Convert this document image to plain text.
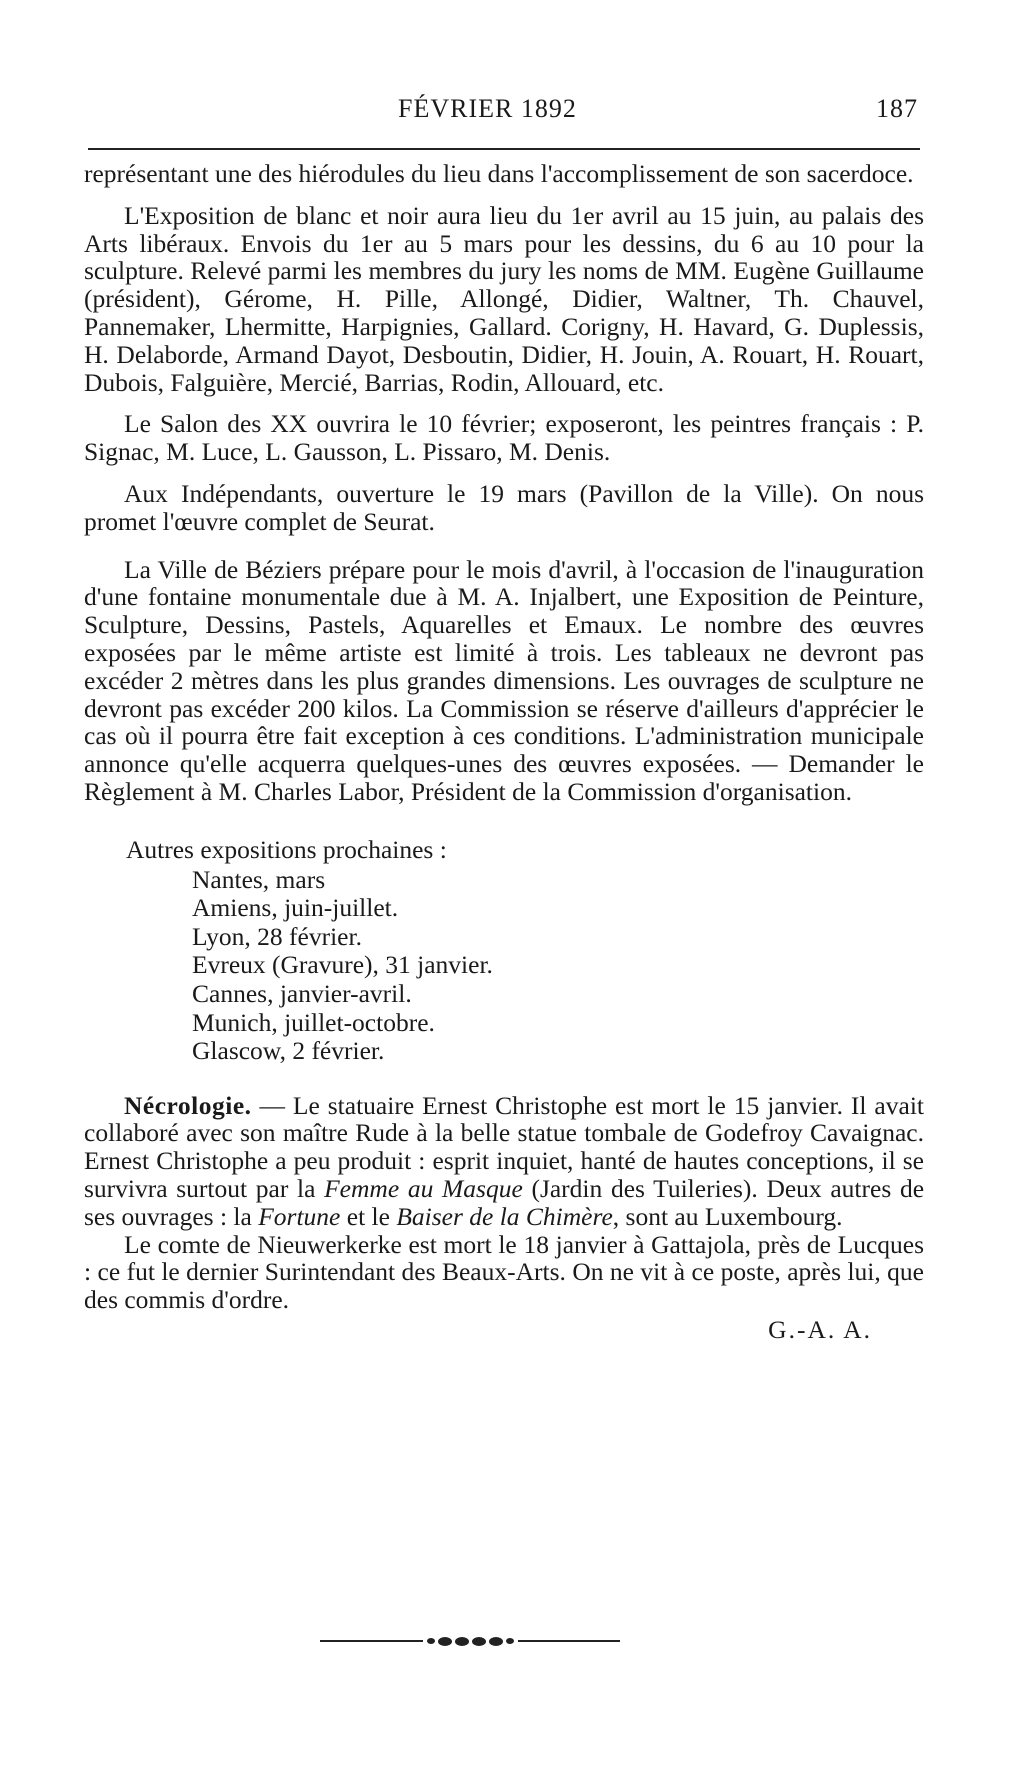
FÉVRIER 1892	187

représentant une des hiérodules du lieu dans l'accomplissement de son sacerdoce.

L'Exposition de blanc et noir aura lieu du 1er avril au 15 juin, au palais des Arts libéraux. Envois du 1er au 5 mars pour les dessins, du 6 au 10 pour la sculpture. Relevé parmi les membres du jury les noms de MM. Eugène Guillaume (président), Gérome, H. Pille, Allongé, Didier, Waltner, Th. Chauvel, Pannemaker, Lhermitte, Harpignies, Gallard. Corigny, H. Havard, G. Duplessis, H. Delaborde, Armand Dayot, Desboutin, Didier, H. Jouin, A. Rouart, H. Rouart, Dubois, Falguière, Mercié, Barrias, Rodin, Allouard, etc.

Le Salon des XX ouvrira le 10 février; exposeront, les peintres français : P. Signac, M. Luce, L. Gausson, L. Pissaro, M. Denis.

Aux Indépendants, ouverture le 19 mars (Pavillon de la Ville). On nous promet l'œuvre complet de Seurat.

La Ville de Béziers prépare pour le mois d'avril, à l'occasion de l'inauguration d'une fontaine monumentale due à M. A. Injalbert, une Exposition de Peinture, Sculpture, Dessins, Pastels, Aquarelles et Emaux. Le nombre des œuvres exposées par le même artiste est limité à trois. Les tableaux ne devront pas excéder 2 mètres dans les plus grandes dimensions. Les ouvrages de sculpture ne devront pas excéder 200 kilos. La Commission se réserve d'ailleurs d'apprécier le cas où il pourra être fait exception à ces conditions. L'administration municipale annonce qu'elle acquerra quelques-unes des œuvres exposées. — Demander le Règlement à M. Charles Labor, Président de la Commission d'organisation.

Autres expositions prochaines :

Nantes, mars
Amiens, juin-juillet.
Lyon, 28 février.
Evreux (Gravure), 31 janvier.
Cannes, janvier-avril.
Munich, juillet-octobre.
Glascow, 2 février.

Nécrologie. — Le statuaire Ernest Christophe est mort le 15 janvier. Il avait collaboré avec son maître Rude à la belle statue tombale de Godefroy Cavaignac. Ernest Christophe a peu produit : esprit inquiet, hanté de hautes conceptions, il se survivra surtout par la Femme au Masque (Jardin des Tuileries). Deux autres de ses ouvrages : la Fortune et le Baiser de la Chimère, sont au Luxembourg.

Le comte de Nieuwerkerke est mort le 18 janvier à Gattajola, près de Lucques : ce fut le dernier Surintendant des Beaux-Arts. On ne vit à ce poste, après lui, que des commis d'ordre.

G.-A. A.
